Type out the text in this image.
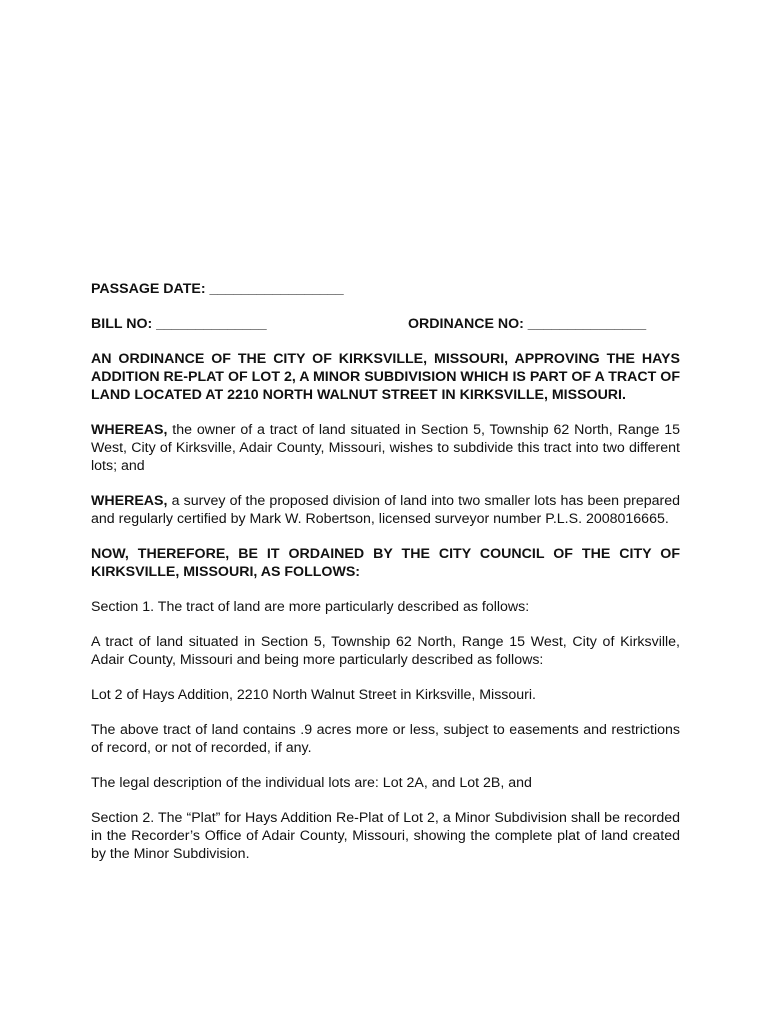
PASSAGE DATE: _________________
BILL NO: ______________	ORDINANCE NO: _______________
AN ORDINANCE OF THE CITY OF KIRKSVILLE, MISSOURI, APPROVING THE HAYS ADDITION RE-PLAT OF LOT 2, A MINOR SUBDIVISION WHICH IS PART OF A TRACT OF LAND LOCATED AT 2210 NORTH WALNUT STREET IN KIRKSVILLE, MISSOURI.

WHEREAS, the owner of a tract of land situated in Section 5, Township 62 North, Range 15 West, City of Kirksville, Adair County, Missouri, wishes to subdivide this tract into two different lots; and

WHEREAS, a survey of the proposed division of land into two smaller lots has been prepared and regularly certified by Mark W. Robertson, licensed surveyor number P.L.S. 2008016665.

NOW, THEREFORE, BE IT ORDAINED BY THE CITY COUNCIL OF THE CITY OF KIRKSVILLE, MISSOURI, AS FOLLOWS:

Section 1. The tract of land are more particularly described as follows:

A tract of land situated in Section 5, Township 62 North, Range 15 West, City of Kirksville, Adair County, Missouri and being more particularly described as follows:

Lot 2 of Hays Addition, 2210 North Walnut Street in Kirksville, Missouri.

The above tract of land contains .9 acres more or less, subject to easements and restrictions of record, or not of recorded, if any.

The legal description of the individual lots are: Lot 2A, and Lot 2B, and

Section 2. The “Plat” for Hays Addition Re-Plat of Lot 2, a Minor Subdivision shall be recorded in the Recorder’s Office of Adair County, Missouri, showing the complete plat of land created by the Minor Subdivision.
